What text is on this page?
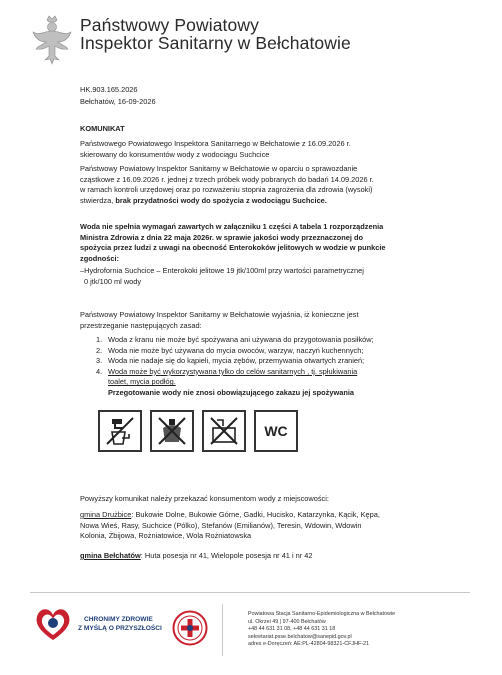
Państwowy Powiatowy
Inspektor Sanitarny w Bełchatowie
HK.903.165.2026
Bełchatów, 16-09-2026
KOMUNIKAT
Państwowego Powiatowego Inspektora Sanitarnego w Bełchatowie z 16.09.2026 r.
skierowany do konsumentów wody z wodociągu Suchcice
Państwowy Powiatowy Inspektor Sanitarny w Bełchatowie w oparciu o sprawozdanie
cząstkowe z 16.09.2026 r. jednej z trzech próbek wody pobranych do badań 14.09.2026 r.
w ramach kontroli urzędowej oraz po rozważeniu stopnia zagrożenia dla zdrowia (wysoki)
stwierdza, brak przydatności wody do spożycia z wodociągu Suchcice.
Woda nie spełnia wymagań zawartych w załączniku 1 części A tabela 1 rozporządzenia
Ministra Zdrowia z dnia 22 maja 2026r. w sprawie jakości wody przeznaczonej do
spożycia przez ludzi z uwagi na obecność Enterokoków jelitowych w wodzie w punkcie
zgodności:
–Hydrofornia Suchcice – Enterokoki jelitowe 19 jtk/100ml przy wartości parametrycznej
0 jtk/100 ml wody
Państwowy Powiatowy Inspektor Sanitarny w Bełchatowie wyjaśnia, iż konieczne jest
przestrzeganie następujących zasad:
1. Woda z kranu nie może być spożywana ani używana do przygotowania posiłków;
2. Woda nie może być używana do mycia owoców, warzyw, naczyń kuchennych;
3. Woda nie nadaje się do kąpieli, mycia zębów, przemywania otwartych zranień;
4. Woda może być wykorzystywana tylko do celów sanitarnych , tj. spłukiwania
toalet, mycia podłóg.
Przegotowanie wody nie znosi obowiązującego zakazu jej spożywania
WC
Powyższy komunikat należy przekazać konsumentom wody z miejscowości:
gmina Drużbice: Bukowie Dolne, Bukowie Górne, Gadki, Hucisko, Katarzynka, Kącik, Kępa,
Nowa Wieś, Rasy, Suchcice (Pólko), Stefanów (Emilianów), Teresin, Wdowin, Wdowin
Kolonia, Żbijowa, Rożniatowice, Wola Rożniatowska
gmina Bełchatów: Huta posesja nr 41, Wielopole posesja nr 41 i nr 42
CHRONIMY ZDROWIE
Z MYŚLĄ O PRZYSZŁOŚCI
Powiatowa Stacja Sanitarno-Epidemiologiczna w Bełchatowie
ul. Okrzei 49 | 97-400 Bełchatów
+48 44 631 31 08, +48 44 631 31 18
sekretariat.psse.belchatow@sanepid.gov.pl
adres e-Doręczeń: AE:PL-42804-98321-CFJHF-21
